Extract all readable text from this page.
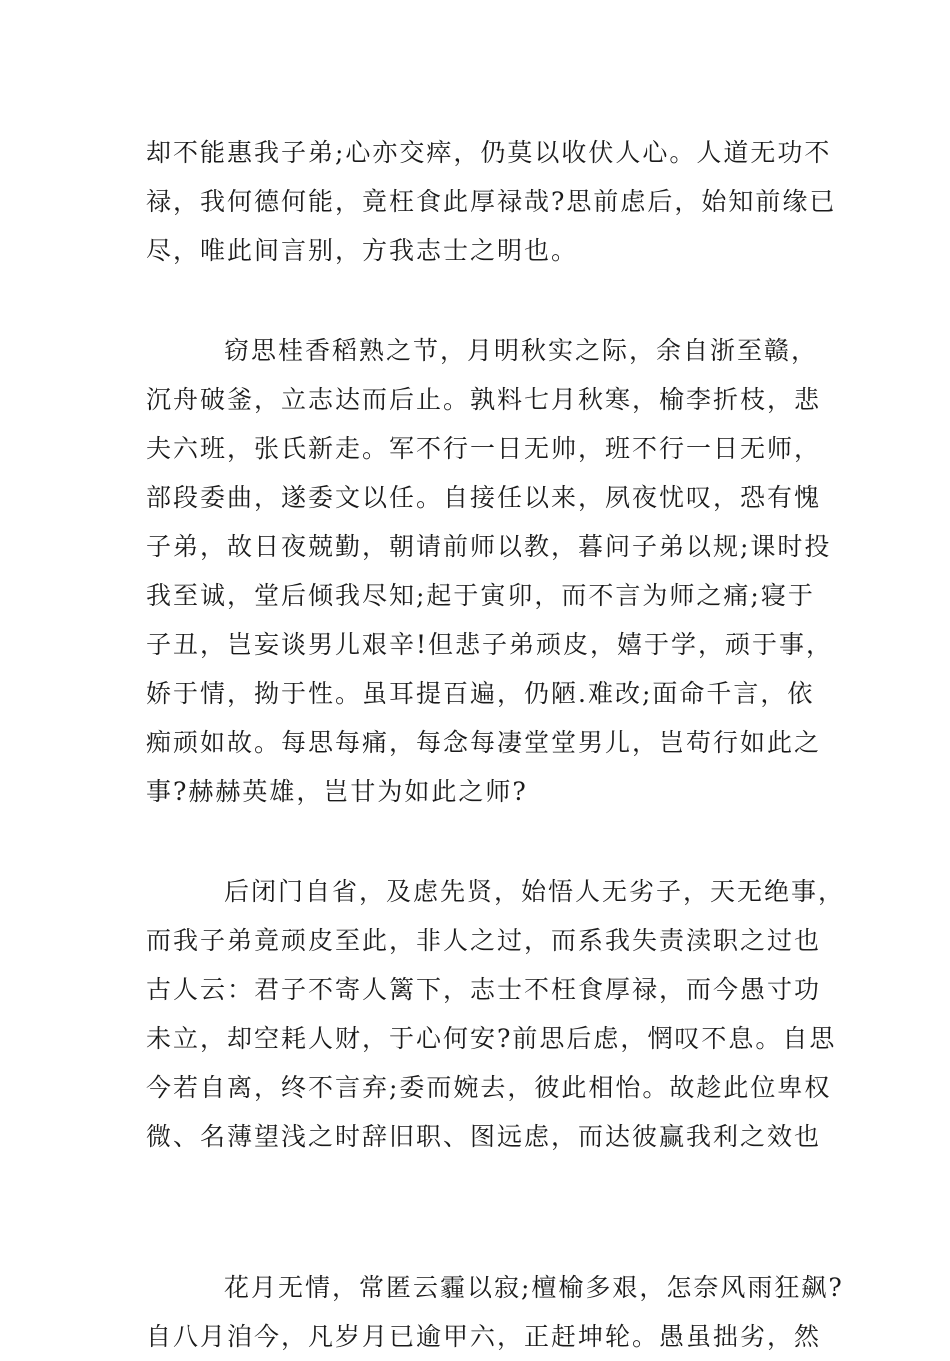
却不能惠我子弟;心亦交瘁，仍莫以收伏人心。人道无功不
禄，我何德何能，竟枉食此厚禄哉?思前虑后，始知前缘已
尽，唯此间言别，方我志士之明也。
窃思桂香稻熟之节，月明秋实之际，余自浙至赣，
沉舟破釜，立志达而后止。孰料七月秋寒，榆李折枝，悲
夫六班，张氏新走。军不行一日无帅，班不行一日无师，
部段委曲，遂委文以任。自接任以来，夙夜忧叹，恐有愧
子弟，故日夜兢勤，朝请前师以教，暮问子弟以规;课时投
我至诚，堂后倾我尽知;起于寅卯，而不言为师之痛;寝于
子丑，岂妄谈男儿艰辛!但悲子弟顽皮，嬉于学，顽于事，
娇于情，拗于性。虽耳提百遍，仍陋.难改;面命千言，依
痴顽如故。每思每痛，每念每凄堂堂男儿，岂苟行如此之
事?赫赫英雄，岂甘为如此之师?
后闭门自省，及虑先贤，始悟人无劣子，天无绝事，
而我子弟竟顽皮至此，非人之过，而系我失责渎职之过也
古人云：君子不寄人篱下，志士不枉食厚禄，而今愚寸功
未立，却空耗人财，于心何安?前思后虑，惘叹不息。自思
今若自离，终不言弃;委而婉去，彼此相怡。故趁此位卑权
微、名薄望浅之时辞旧职、图远虑，而达彼赢我利之效也
花月无情，常匿云霾以寂;檀榆多艰，怎奈风雨狂飙?
自八月洎今，凡岁月已逾甲六，正赶坤轮。愚虽拙劣，然
